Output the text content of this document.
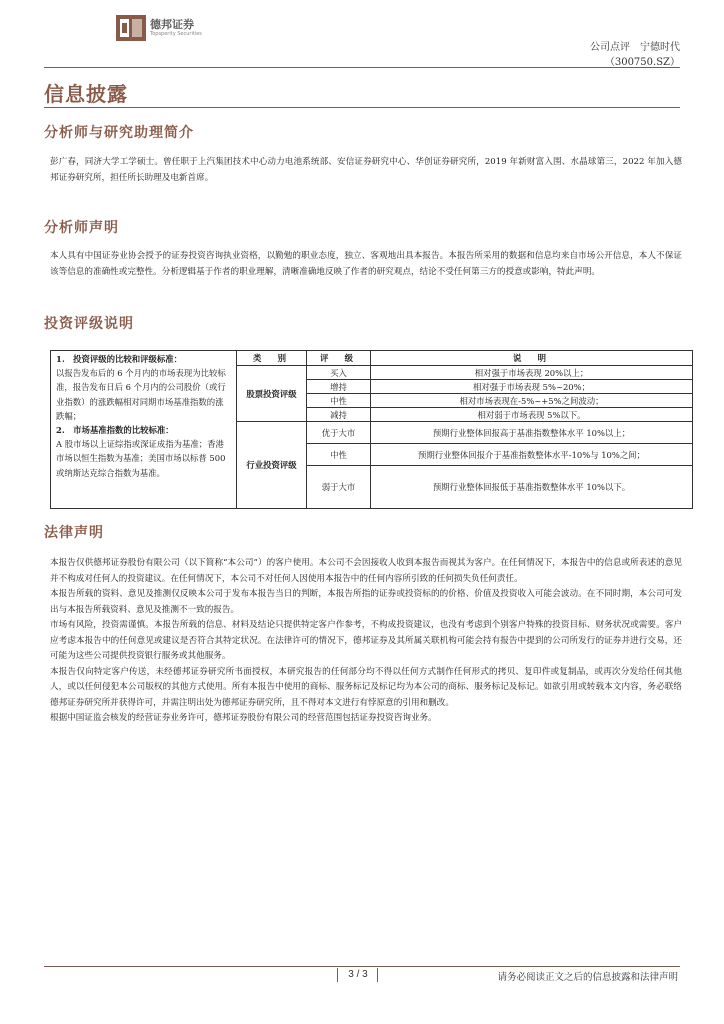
德邦证券
Topsperity Securities
公司点评　宁德时代
（300750.SZ）
信息披露
分析师与研究助理简介

彭广春，同济大学工学硕士。曾任职于上汽集团技术中心动力电池系统部、安信证券研究中心、华创证券研究所，2019 年新财富入围、水晶球第三，2022 年加入德邦证券研究所，担任所长助理及电新首席。

分析师声明

本人具有中国证券业协会授予的证券投资咨询执业资格，以勤勉的职业态度，独立、客观地出具本报告。本报告所采用的数据和信息均来自市场公开信息，本人不保证该等信息的准确性或完整性。分析逻辑基于作者的职业理解，清晰准确地反映了作者的研究观点，结论不受任何第三方的授意或影响，特此声明。

投资评级说明
1.　投资评级的比较和评级标准：
以报告发布后的 6 个月内的市场表现为比较标准，报告发布日后 6 个月内的公司股价（或行业指数）的涨跌幅相对同期市场基准指数的涨跌幅；
2.　市场基准指数的比较标准：
A 股市场以上证综指或深证成指为基准；香港市场以恒生指数为基准；美国市场以标普 500 或纳斯达克综合指数为基准。	类　别	评　级	说　明
	股票投资评级	买入	相对强于市场表现 20%以上；
		增持	相对强于市场表现 5%~20%；
		中性	相对市场表现在-5%~+5%之间波动；
		减持	相对弱于市场表现 5%以下。
	行业投资评级	优于大市	预期行业整体回报高于基准指数整体水平 10%以上；
		中性	预期行业整体回报介于基准指数整体水平-10%与 10%之间；
		弱于大市	预期行业整体回报低于基准指数整体水平 10%以下。
法律声明
本报告仅供德邦证券股份有限公司（以下简称“本公司”）的客户使用。本公司不会因接收人收到本报告而视其为客户。在任何情况下，本报告中的信息或所表述的意见并不构成对任何人的投资建议。在任何情况下，本公司不对任何人因使用本报告中的任何内容所引致的任何损失负任何责任。
本报告所载的资料、意见及推测仅反映本公司于发布本报告当日的判断，本报告所指的证券或投资标的的价格、价值及投资收入可能会波动。在不同时期，本公司可发出与本报告所载资料、意见及推测不一致的报告。
市场有风险，投资需谨慎。本报告所载的信息、材料及结论只提供特定客户作参考，不构成投资建议，也没有考虑到个别客户特殊的投资目标、财务状况或需要。客户应考虑本报告中的任何意见或建议是否符合其特定状况。在法律许可的情况下，德邦证券及其所属关联机构可能会持有报告中提到的公司所发行的证券并进行交易，还可能为这些公司提供投资银行服务或其他服务。
本报告仅向特定客户传送，未经德邦证券研究所书面授权，本研究报告的任何部分均不得以任何方式制作任何形式的拷贝、复印件或复制品，或再次分发给任何其他人，或以任何侵犯本公司版权的其他方式使用。所有本报告中使用的商标、服务标记及标记均为本公司的商标、服务标记及标记。如欲引用或转载本文内容，务必联络德邦证券研究所并获得许可，并需注明出处为德邦证券研究所，且不得对本文进行有悖原意的引用和删改。
根据中国证监会核发的经营证券业务许可，德邦证券股份有限公司的经营范围包括证券投资咨询业务。
3 / 3	请务必阅读正文之后的信息披露和法律声明
